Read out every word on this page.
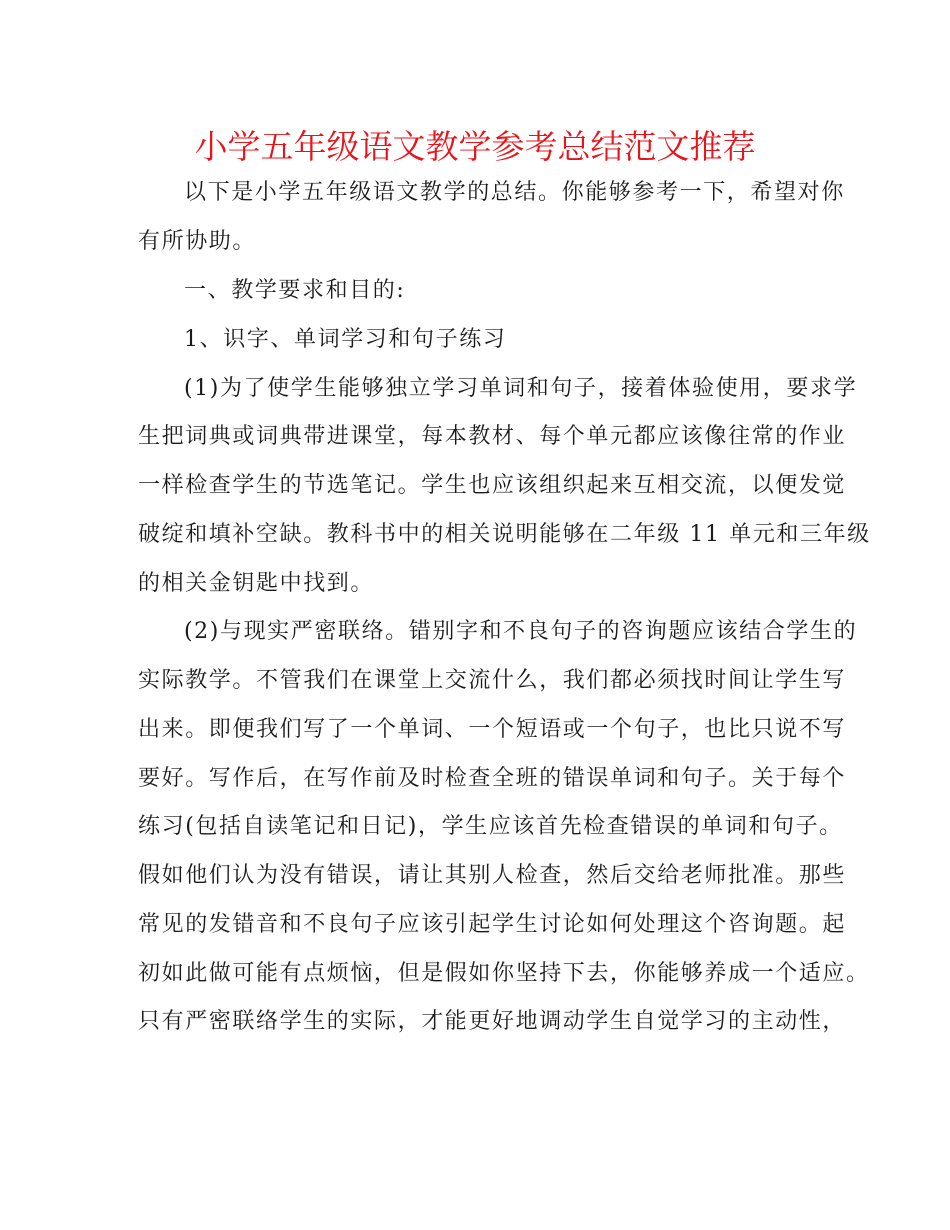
小学五年级语文教学参考总结范文推荐
以下是小学五年级语文教学的总结。你能够参考一下，希望对你
有所协助。
一、教学要求和目的:
1、识字、单词学习和句子练习
(1)为了使学生能够独立学习单词和句子，接着体验使用，要求学
生把词典或词典带进课堂，每本教材、每个单元都应该像往常的作业
一样检查学生的节选笔记。学生也应该组织起来互相交流，以便发觉
破绽和填补空缺。教科书中的相关说明能够在二年级 11 单元和三年级
的相关金钥匙中找到。
(2)与现实严密联络。错别字和不良句子的咨询题应该结合学生的
实际教学。不管我们在课堂上交流什么，我们都必须找时间让学生写
出来。即便我们写了一个单词、一个短语或一个句子，也比只说不写
要好。写作后，在写作前及时检查全班的错误单词和句子。关于每个
练习(包括自读笔记和日记)，学生应该首先检查错误的单词和句子。
假如他们认为没有错误，请让其别人检查，然后交给老师批准。那些
常见的发错音和不良句子应该引起学生讨论如何处理这个咨询题。起
初如此做可能有点烦恼，但是假如你坚持下去，你能够养成一个适应。
只有严密联络学生的实际，才能更好地调动学生自觉学习的主动性，
